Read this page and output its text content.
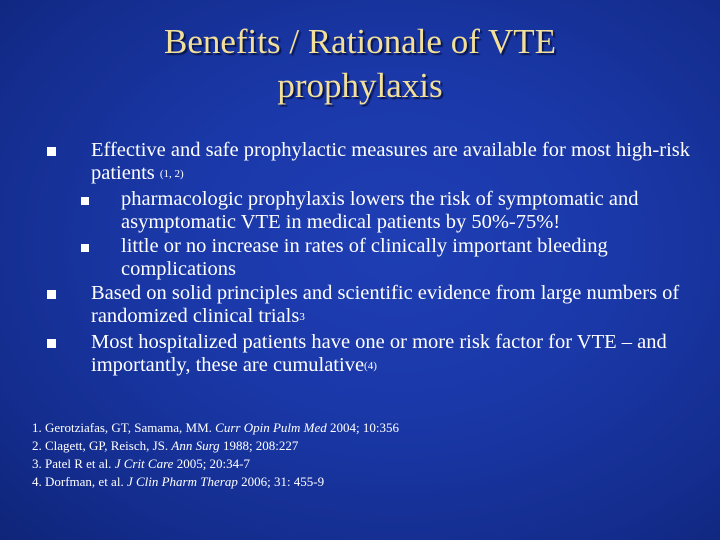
Benefits / Rationale of VTE
prophylaxis
Effective and safe prophylactic measures are available for most high-risk patients (1, 2)
pharmacologic prophylaxis lowers the risk of symptomatic and asymptomatic VTE in medical patients by 50%-75%!
little or no increase in rates of clinically important bleeding complications
Based on solid principles and scientific evidence from large numbers of randomized clinical trials$^3$
Most hospitalized patients have one or more risk factor for VTE – and importantly, these are cumulative(4)
1. Gerotziafas, GT, Samama, MM. Curr Opin Pulm Med 2004; 10:356
2. Clagett, GP, Reisch, JS. Ann Surg 1988; 208:227
3. Patel R et al. J Crit Care 2005; 20:34-7
4. Dorfman, et al. J Clin Pharm Therap 2006; 31: 455-9
